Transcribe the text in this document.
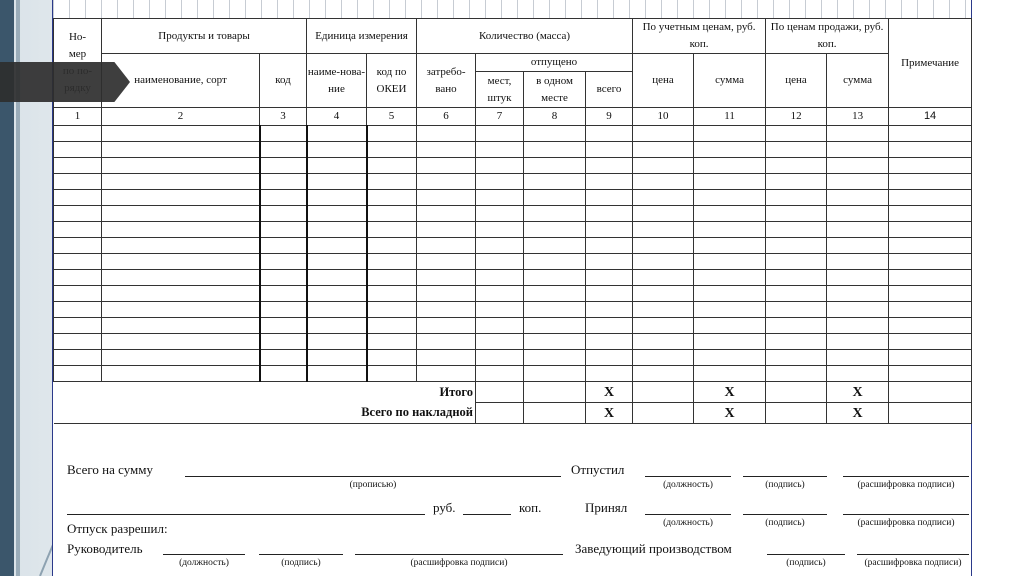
Но-мер	Продукты и товары		Единица измерения		Количество (масса)				По учетным ценам, руб. коп.		По ценам продажи, руб. коп.		Примечание
	наименование, сорт	код	наиме-нова-ние	код по ОКЕИ	затребо-вано	отпущено			цена	сумма	цена	сумма	
						мест, штук	в одном месте	всего					
1	2	3	4	5	6	7	8	9	10	11	12	13	14

Итого								Х		Х		Х	
Всего по накладной								Х		Х		Х	
Всего на сумму
(прописью)
Отпустил
(должность)	(подпись)	(расшифровка подписи)
руб.	коп.	Принял
(должность)	(подпись)	(расшифровка подписи)
Отпуск разрешил:
Руководитель
(должность)	(подпись)	(расшифровка подписи)
Заведующий производством
(подпись)	(расшифровка подписи)
